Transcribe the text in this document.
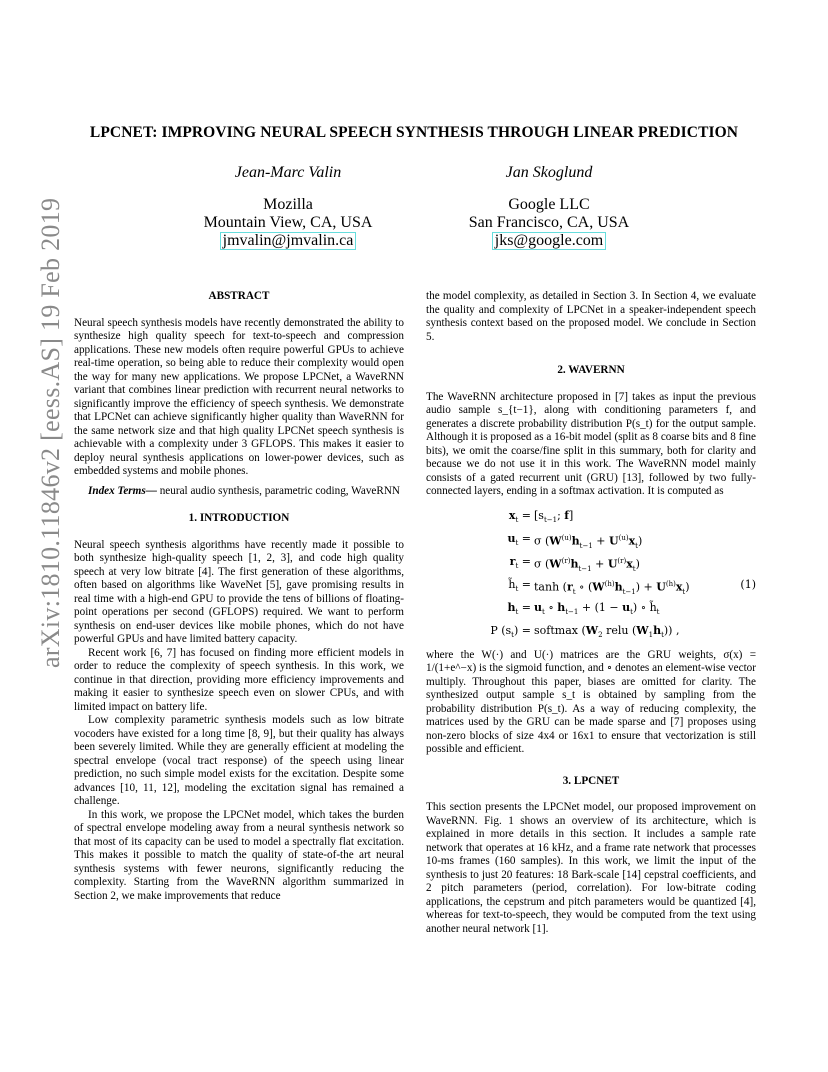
arXiv:1810.11846v2 [eess.AS] 19 Feb 2019
LPCNET: IMPROVING NEURAL SPEECH SYNTHESIS THROUGH LINEAR PREDICTION
Jean-Marc Valin
Mozilla
Mountain View, CA, USA
jmvalin@jmvalin.ca
Jan Skoglund
Google LLC
San Francisco, CA, USA
jks@google.com
ABSTRACT

Neural speech synthesis models have recently demonstrated the ability to synthesize high quality speech for text-to-speech and compression applications. These new models often require powerful GPUs to achieve real-time operation, so being able to reduce their complexity would open the way for many new applications. We propose LPCNet, a WaveRNN variant that combines linear prediction with recurrent neural networks to significantly improve the efficiency of speech synthesis. We demonstrate that LPCNet can achieve significantly higher quality than WaveRNN for the same network size and that high quality LPCNet speech synthesis is achievable with a complexity under 3 GFLOPS. This makes it easier to deploy neural synthesis applications on lower-power devices, such as embedded systems and mobile phones.

Index Terms— neural audio synthesis, parametric coding, WaveRNN

1. INTRODUCTION

Neural speech synthesis algorithms have recently made it possible to both synthesize high-quality speech [1, 2, 3], and code high quality speech at very low bitrate [4]. The first generation of these algorithms, often based on algorithms like WaveNet [5], gave promising results in real time with a high-end GPU to provide the tens of billions of floating-point operations per second (GFLOPS) required. We want to perform synthesis on end-user devices like mobile phones, which do not have powerful GPUs and have limited battery capacity.

Recent work [6, 7] has focused on finding more efficient models in order to reduce the complexity of speech synthesis. In this work, we continue in that direction, providing more efficiency improvements and making it easier to synthesize speech even on slower CPUs, and with limited impact on battery life.

Low complexity parametric synthesis models such as low bitrate vocoders have existed for a long time [8, 9], but their quality has always been severely limited. While they are generally efficient at modeling the spectral envelope (vocal tract response) of the speech using linear prediction, no such simple model exists for the excitation. Despite some advances [10, 11, 12], modeling the excitation signal has remained a challenge.

In this work, we propose the LPCNet model, which takes the burden of spectral envelope modeling away from a neural synthesis network so that most of its capacity can be used to model a spectrally flat excitation. This makes it possible to match the quality of state-of-the art neural synthesis systems with fewer neurons, significantly reducing the complexity. Starting from the WaveRNN algorithm summarized in Section 2, we make improvements that reduce

the model complexity, as detailed in Section 3. In Section 4, we evaluate the quality and complexity of LPCNet in a speaker-independent speech synthesis context based on the proposed model. We conclude in Section 5.

2. WAVERNN

The WaveRNN architecture proposed in [7] takes as input the previous audio sample s_{t−1}, along with conditioning parameters f, and generates a discrete probability distribution P(s_t) for the output sample. Although it is proposed as a 16-bit model (split as 8 coarse bits and 8 fine bits), we omit the coarse/fine split in this summary, both for clarity and because we do not use it in this work. The WaveRNN model mainly consists of a gated recurrent unit (GRU) [13], followed by two fully-connected layers, ending in a softmax activation. It is computed as

$x_t = [s_{t-1}$; f]
$u_t = \sigma$ $(W^{(u)}h_{t-1} + U^{(u)}x_t)$
$r_t = \sigma$ $(W^{(r)}h_{t-1} + U^{(r)}x_t)$
$h̃_t = \tanh (r_t$ ∘ $(W^{(h)}h_{t-1}) + U^{(h)}x_t$)	(1)
$h_t = u_t$ ∘ $h_{t-1} + (1 - u_t)$ ∘ $h̃_t$
P $(s_t)$ = softmax ($W_2$ relu $(W_1h_t)$) ,

where the W(·) and U(·) matrices are the GRU weights, σ(x) = 1/(1+e^−x) is the sigmoid function, and ∘ denotes an element-wise vector multiply. Throughout this paper, biases are omitted for clarity. The synthesized output sample s_t is obtained by sampling from the probability distribution P(s_t). As a way of reducing complexity, the matrices used by the GRU can be made sparse and [7] proposes using non-zero blocks of size 4x4 or 16x1 to ensure that vectorization is still possible and efficient.

3. LPCNET

This section presents the LPCNet model, our proposed improvement on WaveRNN. Fig. 1 shows an overview of its architecture, which is explained in more details in this section. It includes a sample rate network that operates at 16 kHz, and a frame rate network that processes 10-ms frames (160 samples). In this work, we limit the input of the synthesis to just 20 features: 18 Bark-scale [14] cepstral coefficients, and 2 pitch parameters (period, correlation). For low-bitrate coding applications, the cepstrum and pitch parameters would be quantized [4], whereas for text-to-speech, they would be computed from the text using another neural network [1].
